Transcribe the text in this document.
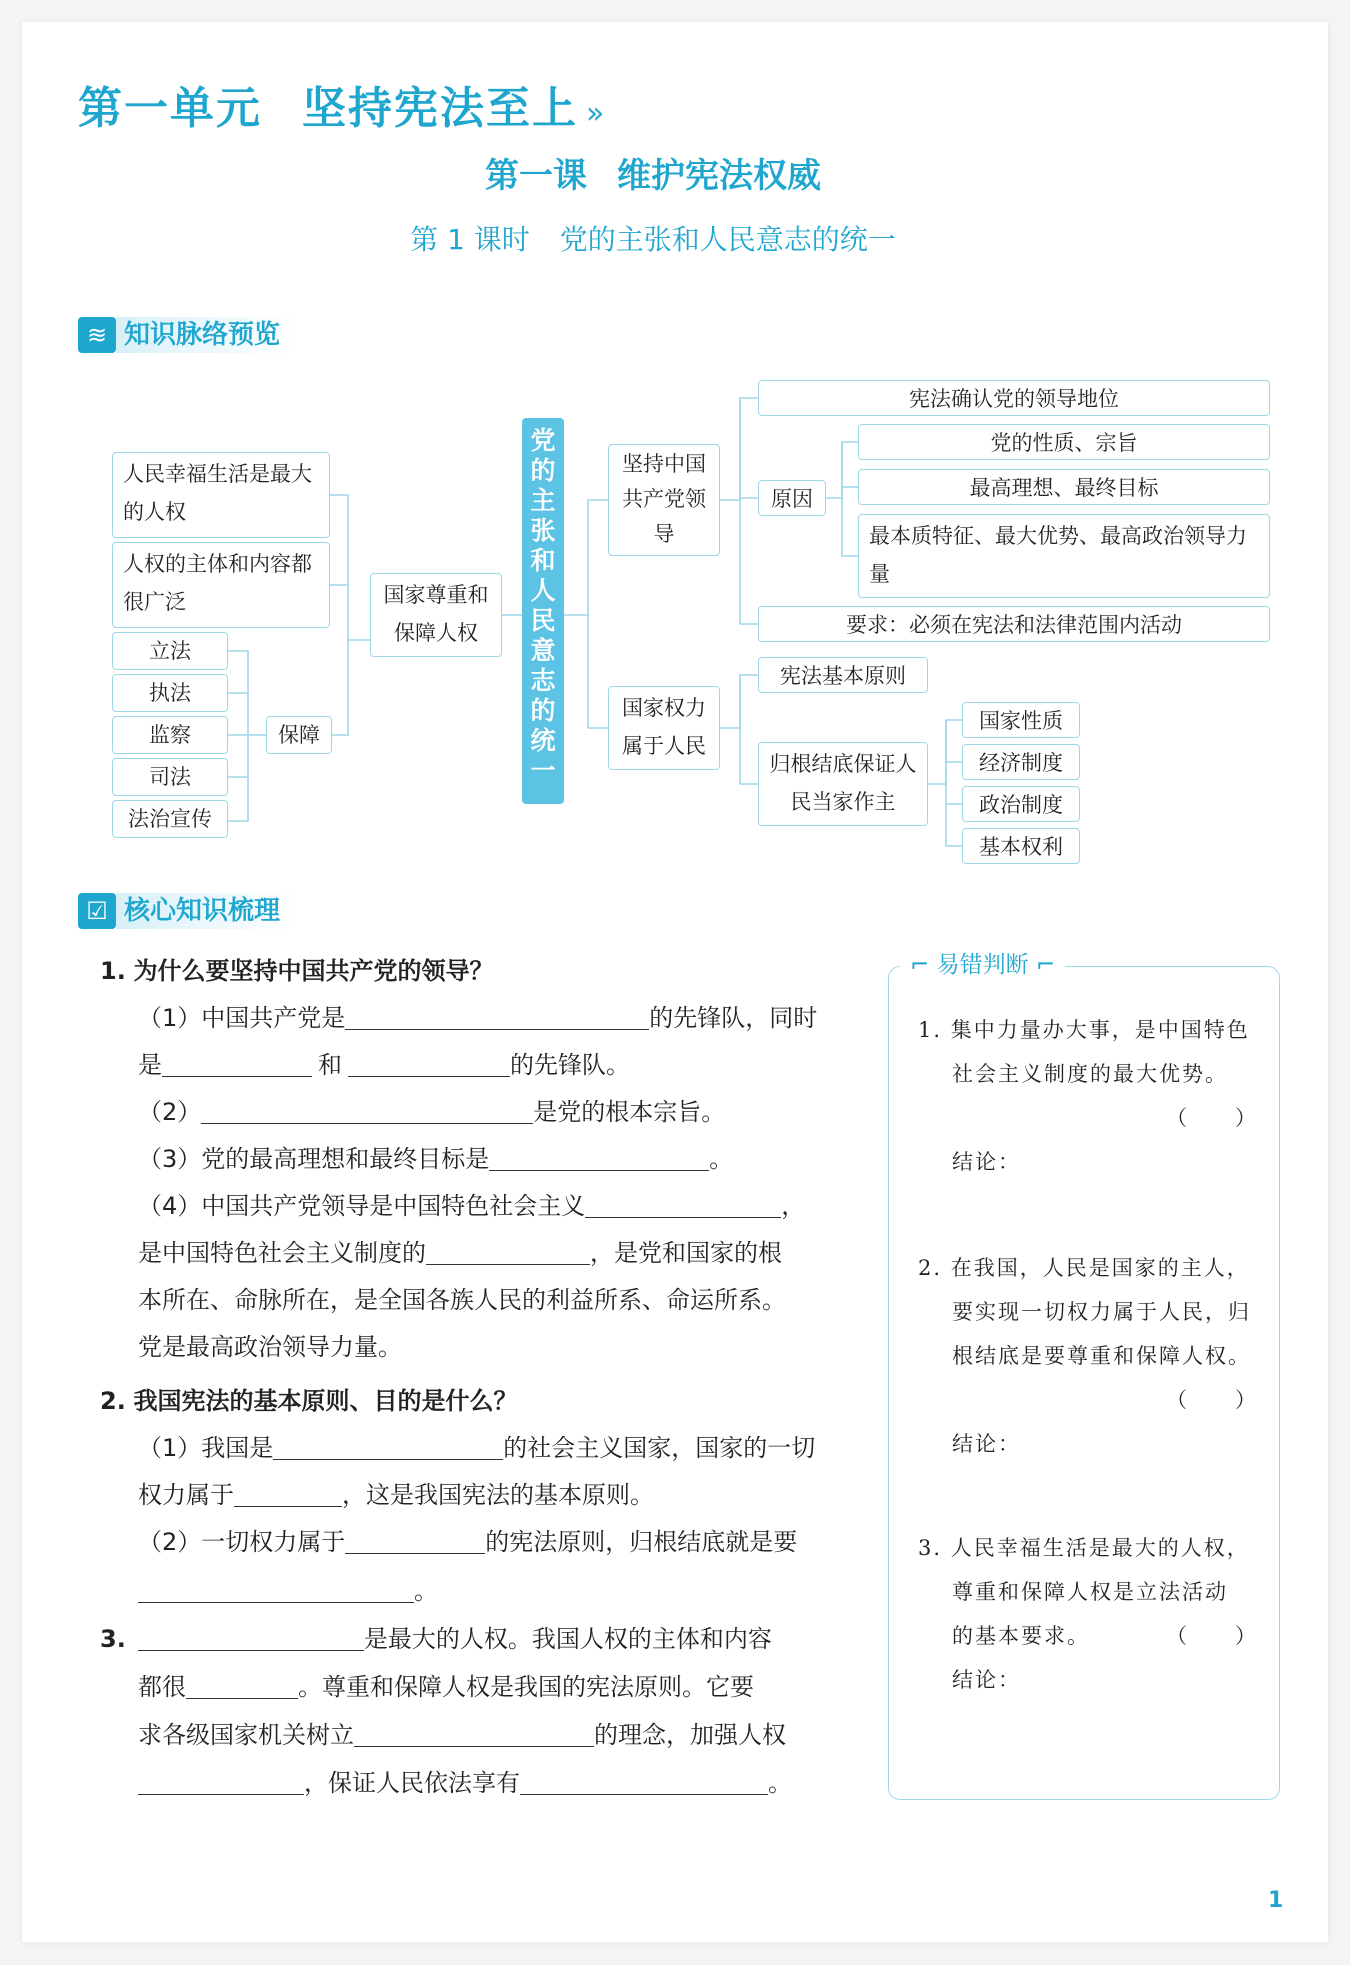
第一单元 坚持宪法至上 »
第一课 维护宪法权威
第 1 课时 党的主张和人民意志的统一
≋ 知识脉络预览
人民幸福生活是最大的人权
人权的主体和内容都很广泛
立法
执法
监察
司法
法治宣传
保障
国家尊重和保障人权
党
的
主
张
和
人
民
意
志
的
统
一
坚持中国共产党领导
宪法确认党的领导地位
原因
党的性质、宗旨
最高理想、最终目标
最本质特征、最大优势、最高政治领导力量
要求：必须在宪法和法律范围内活动
国家权力属于人民
宪法基本原则
归根结底保证人民当家作主
国家性质
经济制度
政治制度
基本权利
☑ 核心知识梳理
1. 为什么要坚持中国共产党的领导？
（1）中国共产党是	的先锋队，同时
是	和	的先锋队。
（2）	是党的根本宗旨。
（3）党的最高理想和最终目标是	。
（4）中国共产党领导是中国特色社会主义	，
是中国特色社会主义制度的	，是党和国家的根
本所在、命脉所在，是全国各族人民的利益所系、命运所系。
党是最高政治领导力量。
2. 我国宪法的基本原则、目的是什么？
（1）我国是	的社会主义国家，国家的一切
权力属于	，这是我国宪法的基本原则。
（2）一切权力属于	的宪法原则，归根结底就是要
。
3.	是最大的人权。我国人权的主体和内容
都很	。尊重和保障人权是我国的宪法原则。它要
求各级国家机关树立	的理念，加强人权
，保证人民依法享有	。
⌐ 易错判断 ⌐
1. 集中力量办大事，是中国特色
社会主义制度的最大优势。
（　　）
结论：
2. 在我国，人民是国家的主人，
要实现一切权力属于人民，归
根结底是要尊重和保障人权。
（　　）
结论：
3. 人民幸福生活是最大的人权，
尊重和保障人权是立法活动
的基本要求。	（　　）
结论：
1
